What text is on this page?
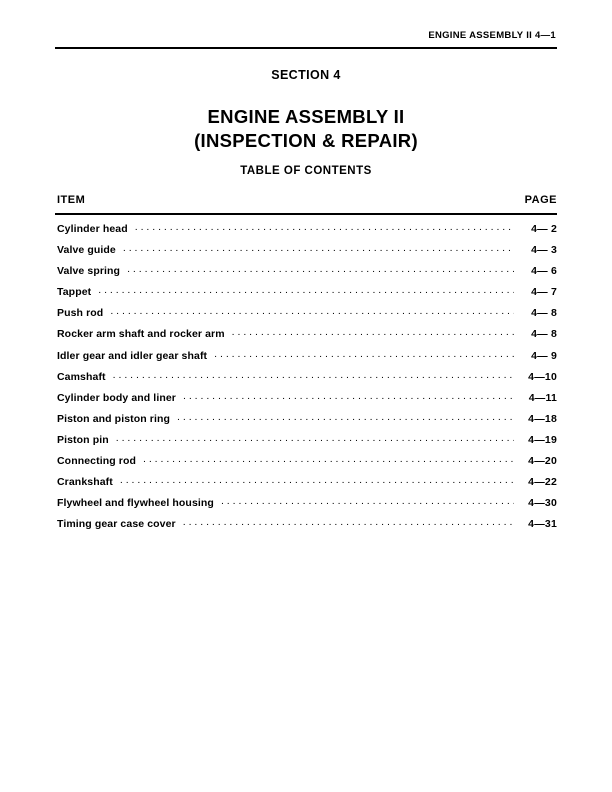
ENGINE ASSEMBLY II 4—1
SECTION 4
ENGINE ASSEMBLY II
(INSPECTION & REPAIR)
TABLE OF CONTENTS
ITEM	PAGE
Cylinder head . . .	4— 2
Valve guide . . .	4— 3
Valve spring . . .	4— 6
Tappet . . .	4— 7
Push rod . . .	4— 8
Rocker arm shaft and rocker arm . . .	4— 8
Idler gear and idler gear shaft . . .	4— 9
Camshaft . . .	4—10
Cylinder body and liner . . .	4—11
Piston and piston ring . . .	4—18
Piston pin . . .	4—19
Connecting rod . . .	4—20
Crankshaft . . .	4—22
Flywheel and flywheel housing . . .	4—30
Timing gear case cover . . .	4—31
